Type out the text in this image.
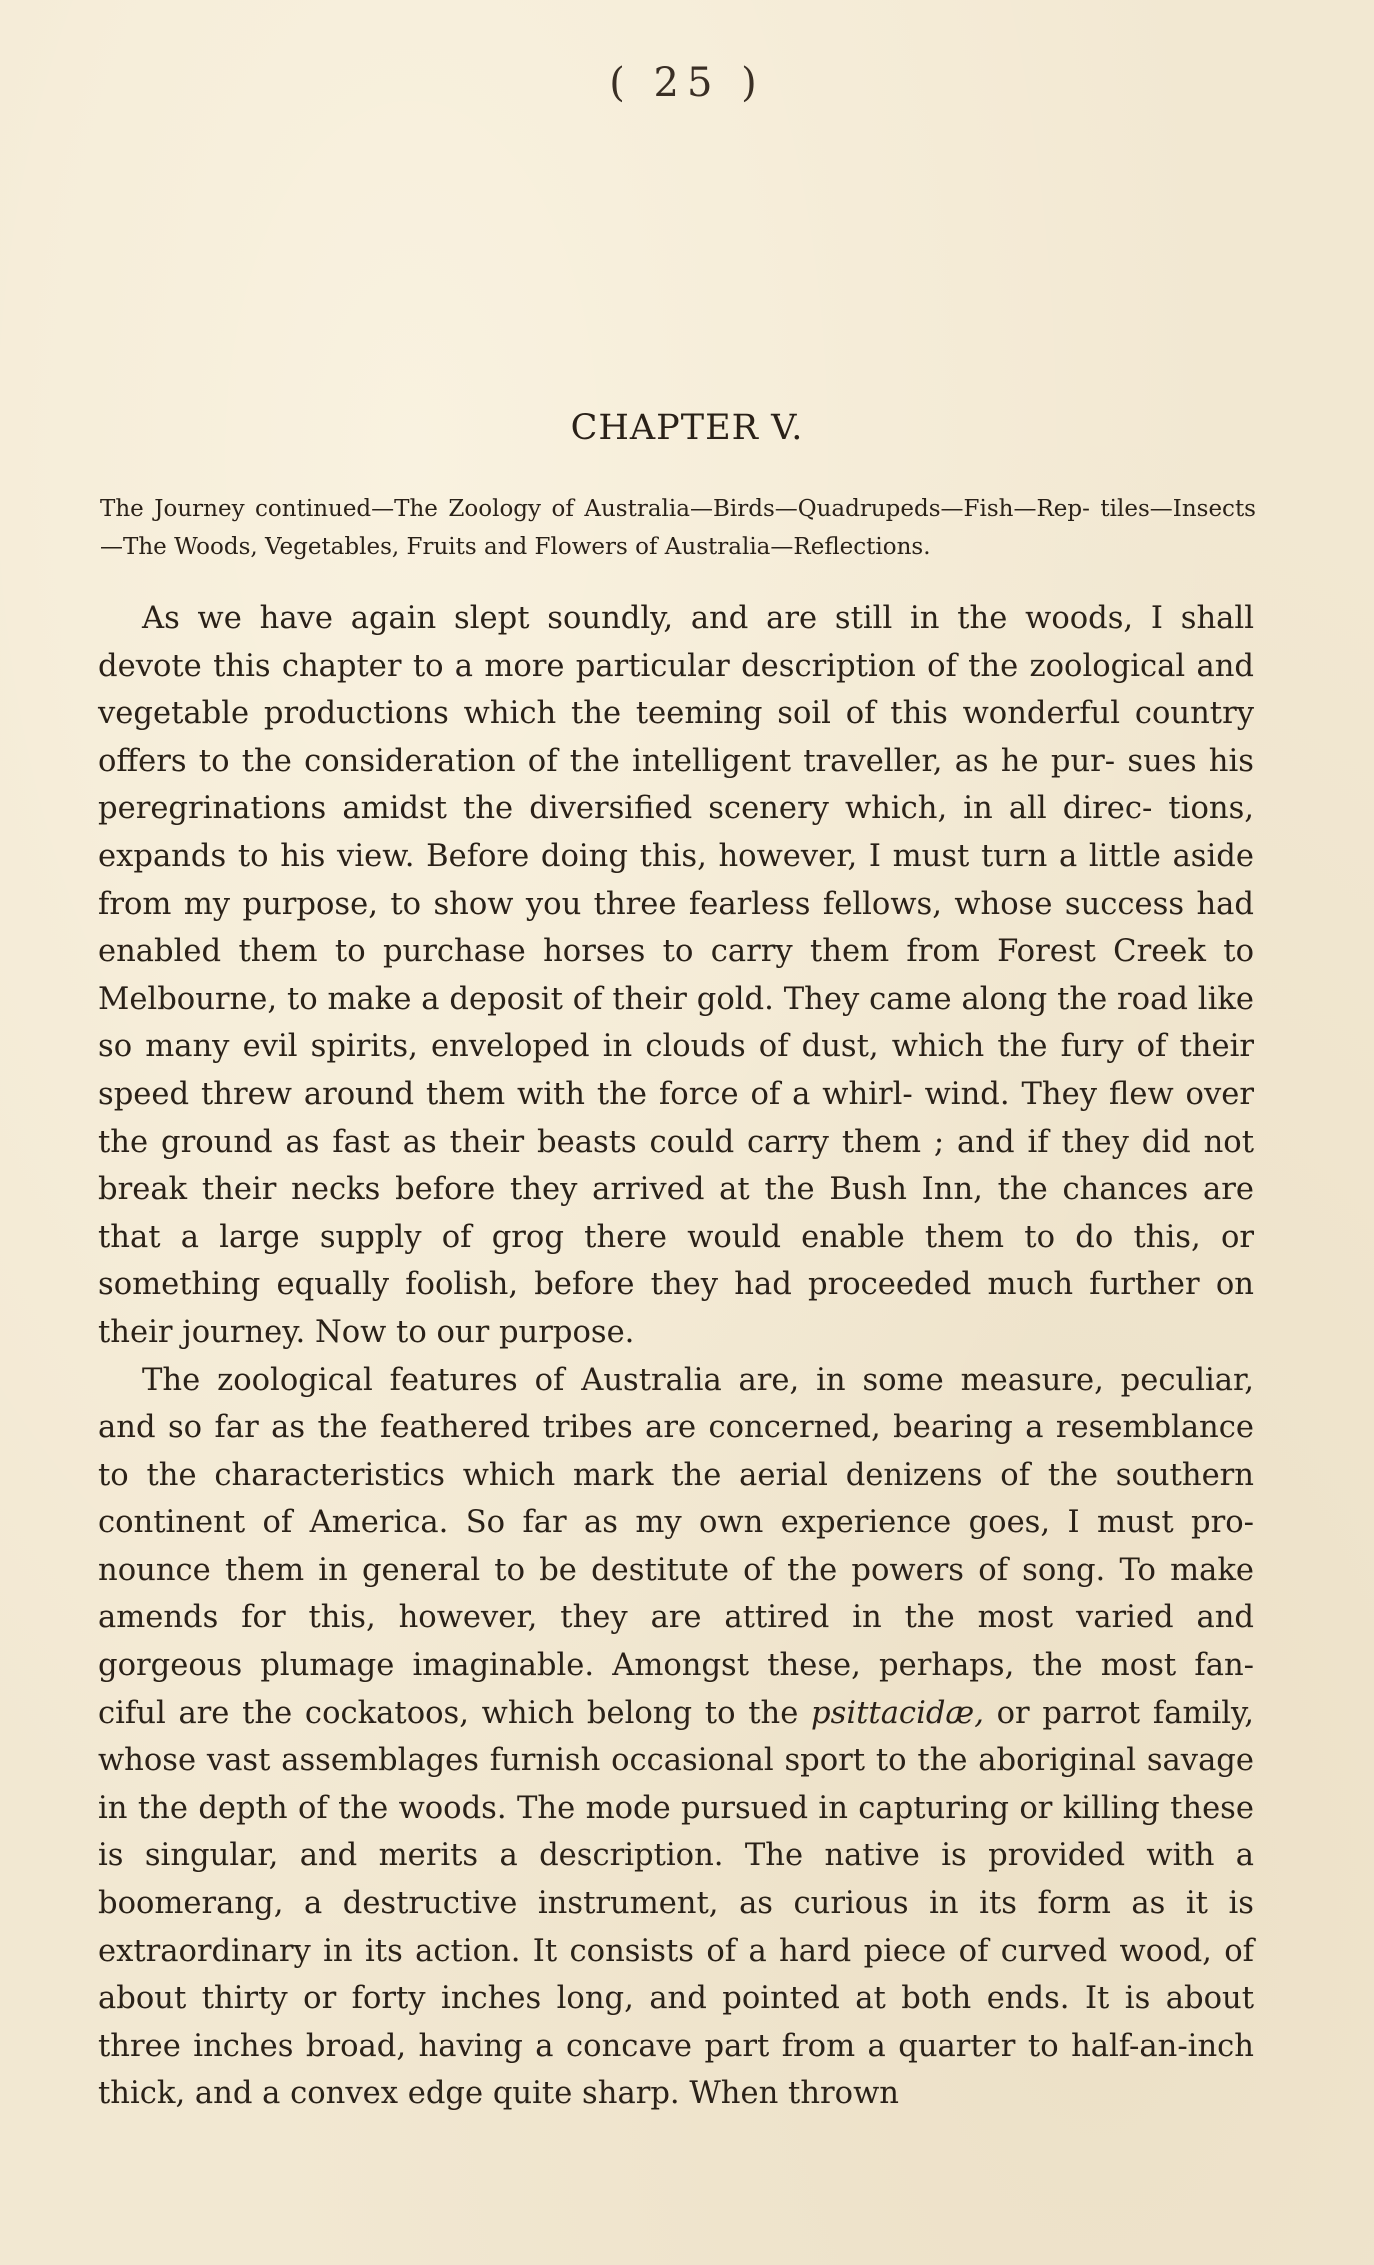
( 25 )

CHAPTER V.

The Journey continued—The Zoology of Australia—Birds—Quadrupeds—Fish—Rep- tiles—Insects—The Woods, Vegetables, Fruits and Flowers of Australia—Reflections.

As we have again slept soundly, and are still in the woods, I shall devote this chapter to a more particular description of the zoological and vegetable productions which the teeming soil of this wonderful country offers to the consideration of the intelligent traveller, as he pur- sues his peregrinations amidst the diversified scenery which, in all direc- tions, expands to his view. Before doing this, however, I must turn a little aside from my purpose, to show you three fearless fellows, whose success had enabled them to purchase horses to carry them from Forest Creek to Melbourne, to make a deposit of their gold. They came along the road like so many evil spirits, enveloped in clouds of dust, which the fury of their speed threw around them with the force of a whirl- wind. They flew over the ground as fast as their beasts could carry them ; and if they did not break their necks before they arrived at the Bush Inn, the chances are that a large supply of grog there would enable them to do this, or something equally foolish, before they had proceeded much further on their journey. Now to our purpose.

The zoological features of Australia are, in some measure, peculiar, and so far as the feathered tribes are concerned, bearing a resemblance to the characteristics which mark the aerial denizens of the southern continent of America. So far as my own experience goes, I must pro- nounce them in general to be destitute of the powers of song. To make amends for this, however, they are attired in the most varied and gorgeous plumage imaginable. Amongst these, perhaps, the most fan- ciful are the cockatoos, which belong to the psittacidæ, or parrot family, whose vast assemblages furnish occasional sport to the aboriginal savage in the depth of the woods. The mode pursued in capturing or killing these is singular, and merits a description. The native is provided with a boomerang, a destructive instrument, as curious in its form as it is extraordinary in its action. It consists of a hard piece of curved wood, of about thirty or forty inches long, and pointed at both ends. It is about three inches broad, having a concave part from a quarter to half-an-inch thick, and a convex edge quite sharp. When thrown
